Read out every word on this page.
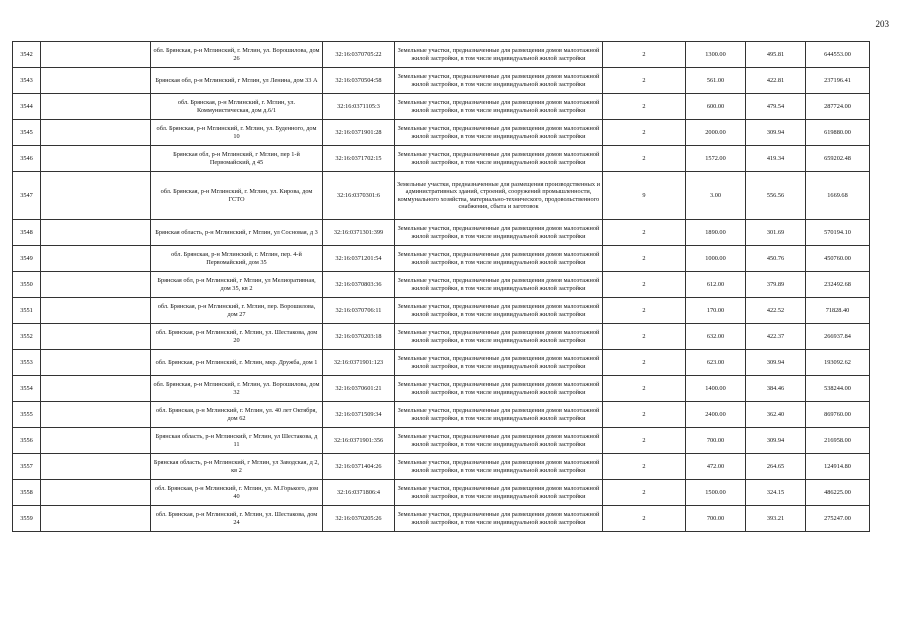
203
3542		обл. Брянская, р-н Мглинский, г. Мглин, ул. Ворошилова, дом 26	32:16:0370705:22	Земельные участки, предназначенные для размещения домов малоэтажной жилой застройки, в том числе индивидуальной жилой застройки	2	1300.00	495.81	644553.00
3543		Брянская обл, р-н Мглинский, г Мглин, ул Ленина, дом 33 А	32:16:0370504:58	Земельные участки, предназначенные для размещения домов малоэтажной жилой застройки, в том числе индивидуальной жилой застройки	2	561.00	422.81	237196.41
3544		обл. Брянская, р-н Мглинский, г. Мглин, ул. Коммунистическая, дом д.6/1	32:16:0371105:3	Земельные участки, предназначенные для размещения домов малоэтажной жилой застройки, в том числе индивидуальной жилой застройки	2	600.00	479.54	287724.00
3545		обл. Брянская, р-н Мглинский, г. Мглин, ул. Буденного, дом 10	32:16:0371901:28	Земельные участки, предназначенные для размещения домов малоэтажной жилой застройки, в том числе индивидуальной жилой застройки	2	2000.00	309.94	619880.00
3546		Брянская обл, р-н Мглинский, г Мглин, пер 1-й Первомайский, д 45	32:16:0371702:15	Земельные участки, предназначенные для размещения домов малоэтажной жилой застройки, в том числе индивидуальной жилой застройки	2	1572.00	419.34	659202.48
3547		обл. Брянская, р-н Мглинский, г. Мглин, ул. Кирова, дом ГСТО	32:16:0370301:6	Земельные участки, предназначенные для размещения производственных и административных зданий, строений, сооружений промышленности, коммунального хозяйства, материально-технического, продовольственного снабжения, сбыта и заготовок	9	3.00	556.56	1669.68
3548		Брянская область, р-н Мглинский, г Мглин, ул Сосновая, д 3	32:16:0371301:399	Земельные участки, предназначенные для размещения домов малоэтажной жилой застройки, в том числе индивидуальной жилой застройки	2	1890.00	301.69	570194.10
3549		обл. Брянская, р-н Мглинский, г. Мглин, пер. 4-й Первомайский, дом 35	32:16:0371201:54	Земельные участки, предназначенные для размещения домов малоэтажной жилой застройки, в том числе индивидуальной жилой застройки	2	1000.00	450.76	450760.00
3550		Брянская обл, р-н Мглинский, г Мглин, ул Мелиоративная, дом 35, кв 2	32:16:0370803:36	Земельные участки, предназначенные для размещения домов малоэтажной жилой застройки, в том числе индивидуальной жилой застройки	2	612.00	379.89	232492.68
3551		обл. Брянская, р-н Мглинский, г. Мглин, пер. Ворошилова, дом 27	32:16:0370706:11	Земельные участки, предназначенные для размещения домов малоэтажной жилой застройки, в том числе индивидуальной жилой застройки	2	170.00	422.52	71828.40
3552		обл. Брянская, р-н Мглинский, г. Мглин, ул. Шестакова, дом 20	32:16:0370203:18	Земельные участки, предназначенные для размещения домов малоэтажной жилой застройки, в том числе индивидуальной жилой застройки	2	632.00	422.37	266937.84
3553		обл. Брянская, р-н Мглинский, г. Мглин, мкр. Дружба, дом 1	32:16:0371901:123	Земельные участки, предназначенные для размещения домов малоэтажной жилой застройки, в том числе индивидуальной жилой застройки	2	623.00	309.94	193092.62
3554		обл. Брянская, р-н Мглинский, г. Мглин, ул. Ворошилова, дом 32	32:16:0370601:21	Земельные участки, предназначенные для размещения домов малоэтажной жилой застройки, в том числе индивидуальной жилой застройки	2	1400.00	384.46	538244.00
3555		обл. Брянская, р-н Мглинский, г. Мглин, ул. 40 лет Октября, дом 62	32:16:0371509:34	Земельные участки, предназначенные для размещения домов малоэтажной жилой застройки, в том числе индивидуальной жилой застройки	2	2400.00	362.40	869760.00
3556		Брянская область, р-н Мглинский, г Мглин, ул Шестакова, д 11	32:16:0371901:356	Земельные участки, предназначенные для размещения домов малоэтажной жилой застройки, в том числе индивидуальной жилой застройки	2	700.00	309.94	216958.00
3557		Брянская область, р-н Мглинский, г Мглин, ул Заводская, д 2, кв 2	32:16:0371404:26	Земельные участки, предназначенные для размещения домов малоэтажной жилой застройки, в том числе индивидуальной жилой застройки	2	472.00	264.65	124914.80
3558		обл. Брянская, р-н Мглинский, г. Мглин, ул. М.Горького, дом 40	32:16:0371806:4	Земельные участки, предназначенные для размещения домов малоэтажной жилой застройки, в том числе индивидуальной жилой застройки	2	1500.00	324.15	486225.00
3559		обл. Брянская, р-н Мглинский, г. Мглин, ул. Шестакова, дом 24	32:16:0370205:26	Земельные участки, предназначенные для размещения домов малоэтажной жилой застройки, в том числе индивидуальной жилой застройки	2	700.00	393.21	275247.00
